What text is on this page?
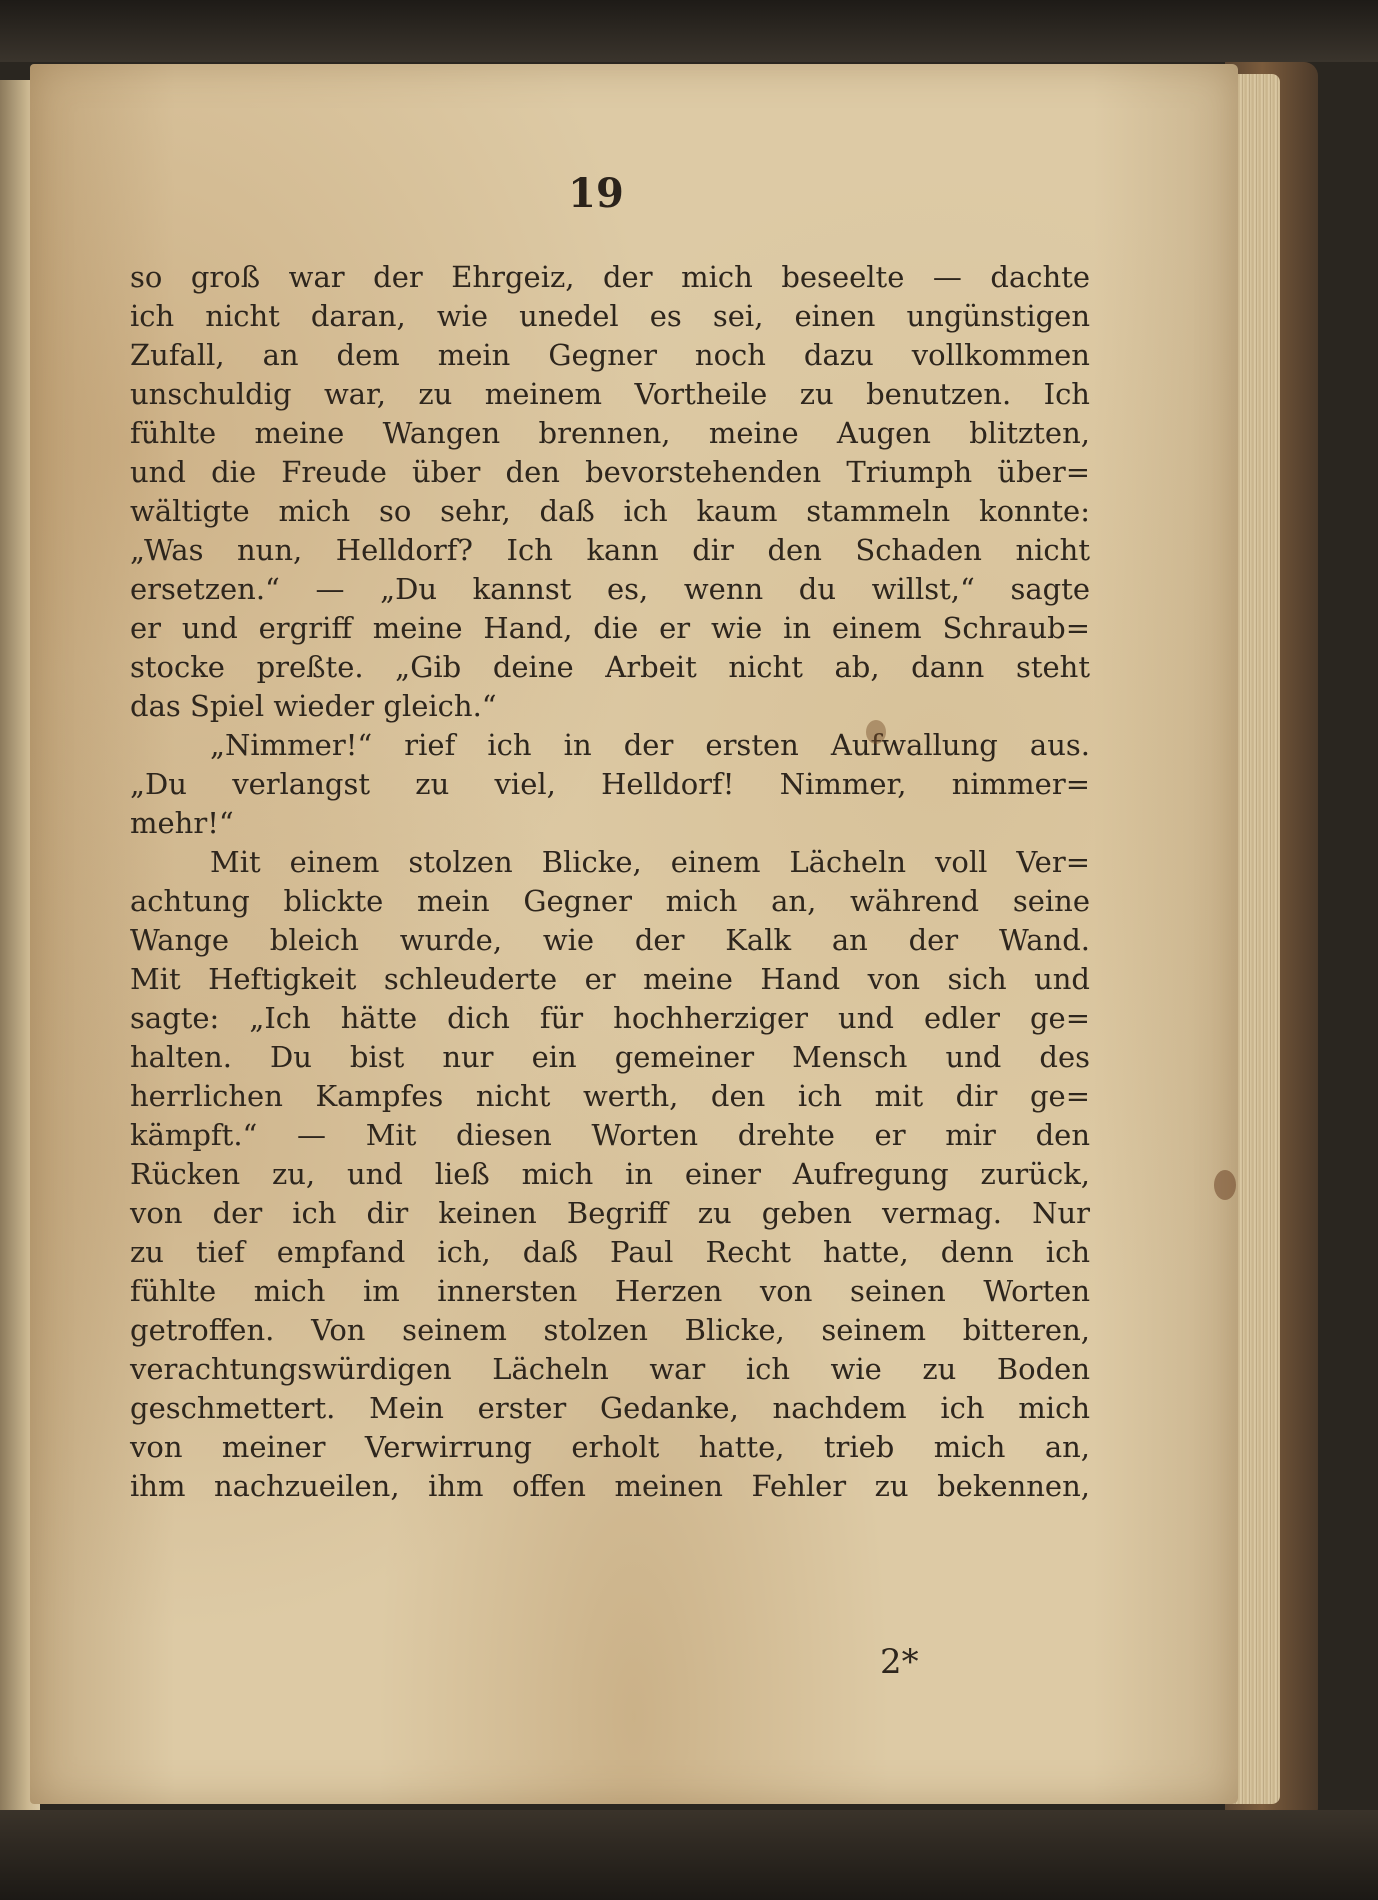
19
so groß war der Ehrgeiz, der mich beseelte — dachte
ich nicht daran, wie unedel es sei, einen ungünstigen
Zufall, an dem mein Gegner noch dazu vollkommen
unschuldig war, zu meinem Vortheile zu benutzen. Ich
fühlte meine Wangen brennen, meine Augen blitzten,
und die Freude über den bevorstehenden Triumph über=
wältigte mich so sehr, daß ich kaum stammeln konnte:
„Was nun, Helldorf? Ich kann dir den Schaden nicht
ersetzen.“ — „Du kannst es, wenn du willst,“ sagte
er und ergriff meine Hand, die er wie in einem Schraub=
stocke preßte. „Gib deine Arbeit nicht ab, dann steht
das Spiel wieder gleich.“
„Nimmer!“ rief ich in der ersten Aufwallung aus.
„Du verlangst zu viel, Helldorf! Nimmer, nimmer=
mehr!“
Mit einem stolzen Blicke, einem Lächeln voll Ver=
achtung blickte mein Gegner mich an, während seine
Wange bleich wurde, wie der Kalk an der Wand.
Mit Heftigkeit schleuderte er meine Hand von sich und
sagte: „Ich hätte dich für hochherziger und edler ge=
halten. Du bist nur ein gemeiner Mensch und des
herrlichen Kampfes nicht werth, den ich mit dir ge=
kämpft.“ — Mit diesen Worten drehte er mir den
Rücken zu, und ließ mich in einer Aufregung zurück,
von der ich dir keinen Begriff zu geben vermag. Nur
zu tief empfand ich, daß Paul Recht hatte, denn ich
fühlte mich im innersten Herzen von seinen Worten
getroffen. Von seinem stolzen Blicke, seinem bitteren,
verachtungswürdigen Lächeln war ich wie zu Boden
geschmettert. Mein erster Gedanke, nachdem ich mich
von meiner Verwirrung erholt hatte, trieb mich an,
ihm nachzueilen, ihm offen meinen Fehler zu bekennen,
2*
